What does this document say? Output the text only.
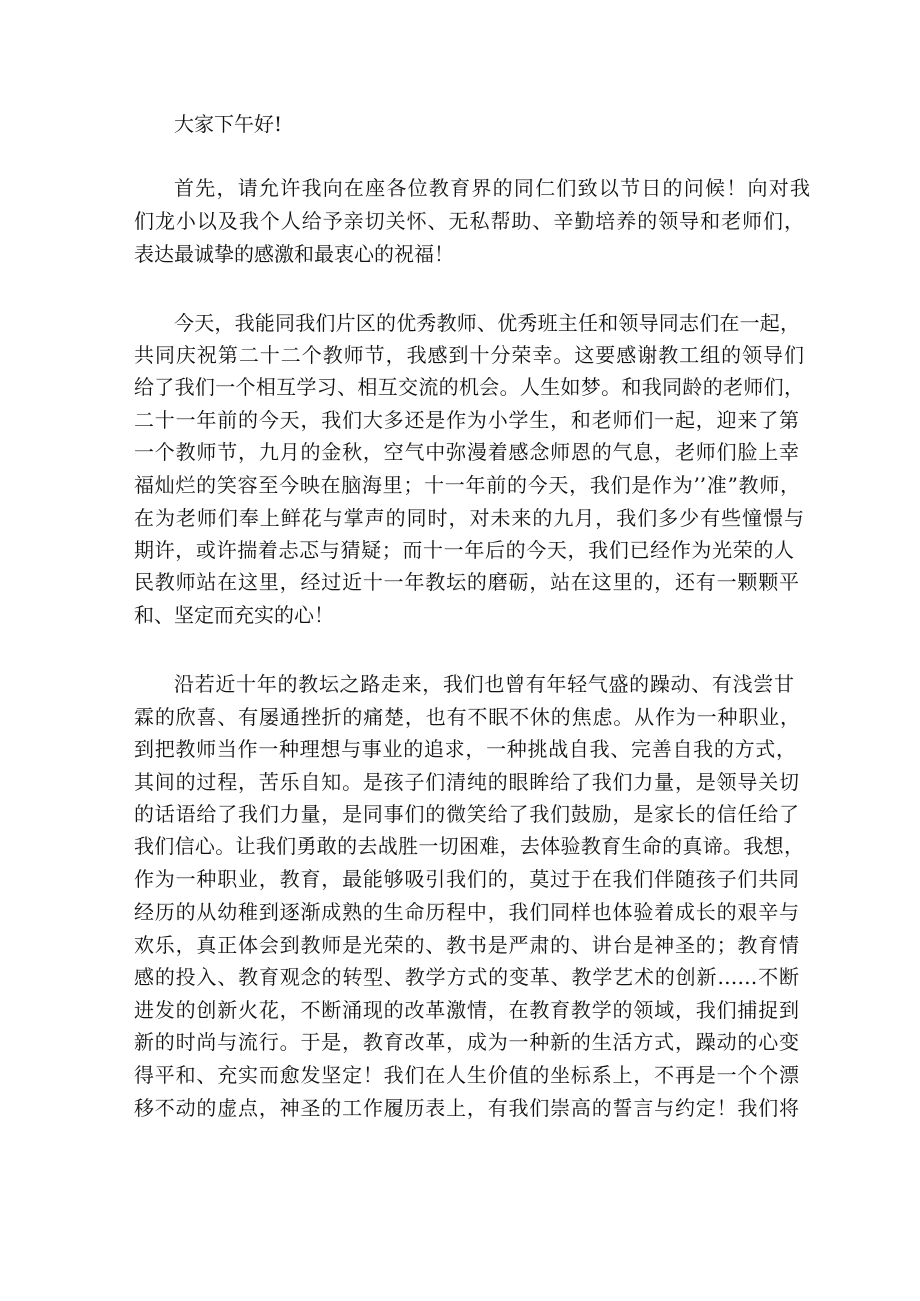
大家下午好!

首先，请允许我向在座各位教育界的同仁们致以节日的问候！向对我

们龙小以及我个人给予亲切关怀、无私帮助、辛勤培养的领导和老师们，

表达最诚挚的感激和最衷心的祝福！

今天，我能同我们片区的优秀教师、优秀班主任和领导同志们在一起，

共同庆祝第二十二个教师节，我感到十分荣幸。这要感谢教工组的领导们

给了我们一个相互学习、相互交流的机会。人生如梦。和我同龄的老师们，

二十一年前的今天，我们大多还是作为小学生，和老师们一起，迎来了第

一个教师节，九月的金秋，空气中弥漫着感念师恩的气息，老师们脸上幸

福灿烂的笑容至今映在脑海里；十一年前的今天，我们是作为’’准”教师，

在为老师们奉上鲜花与掌声的同时，对未来的九月，我们多少有些憧憬与

期许，或许揣着忐忑与猜疑；而十一年后的今天，我们已经作为光荣的人

民教师站在这里，经过近十一年教坛的磨砺，站在这里的，还有一颗颗平

和、坚定而充实的心！

沿若近十年的教坛之路走来，我们也曾有年轻气盛的躁动、有浅尝甘

霖的欣喜、有屡通挫折的痛楚，也有不眠不休的焦虑。从作为一种职业，

到把教师当作一种理想与事业的追求，一种挑战自我、完善自我的方式，

其间的过程，苦乐自知。是孩子们清纯的眼眸给了我们力量，是领导关切

的话语给了我们力量，是同事们的微笑给了我们鼓励，是家长的信任给了

我们信心。让我们勇敢的去战胜一切困难，去体验教育生命的真谛。我想，

作为一种职业，教育，最能够吸引我们的，莫过于在我们伴随孩子们共同

经历的从幼稚到逐渐成熟的生命历程中，我们同样也体验着成长的艰辛与

欢乐，真正体会到教师是光荣的、教书是严肃的、讲台是神圣的；教育情

感的投入、教育观念的转型、教学方式的变革、教学艺术的创新……不断

进发的创新火花，不断涌现的改革激情，在教育教学的领域，我们捕捉到

新的时尚与流行。于是，教育改革，成为一种新的生活方式，躁动的心变

得平和、充实而愈发坚定！我们在人生价值的坐标系上，不再是一个个漂

移不动的虚点，神圣的工作履历表上，有我们崇高的誓言与约定！我们将
